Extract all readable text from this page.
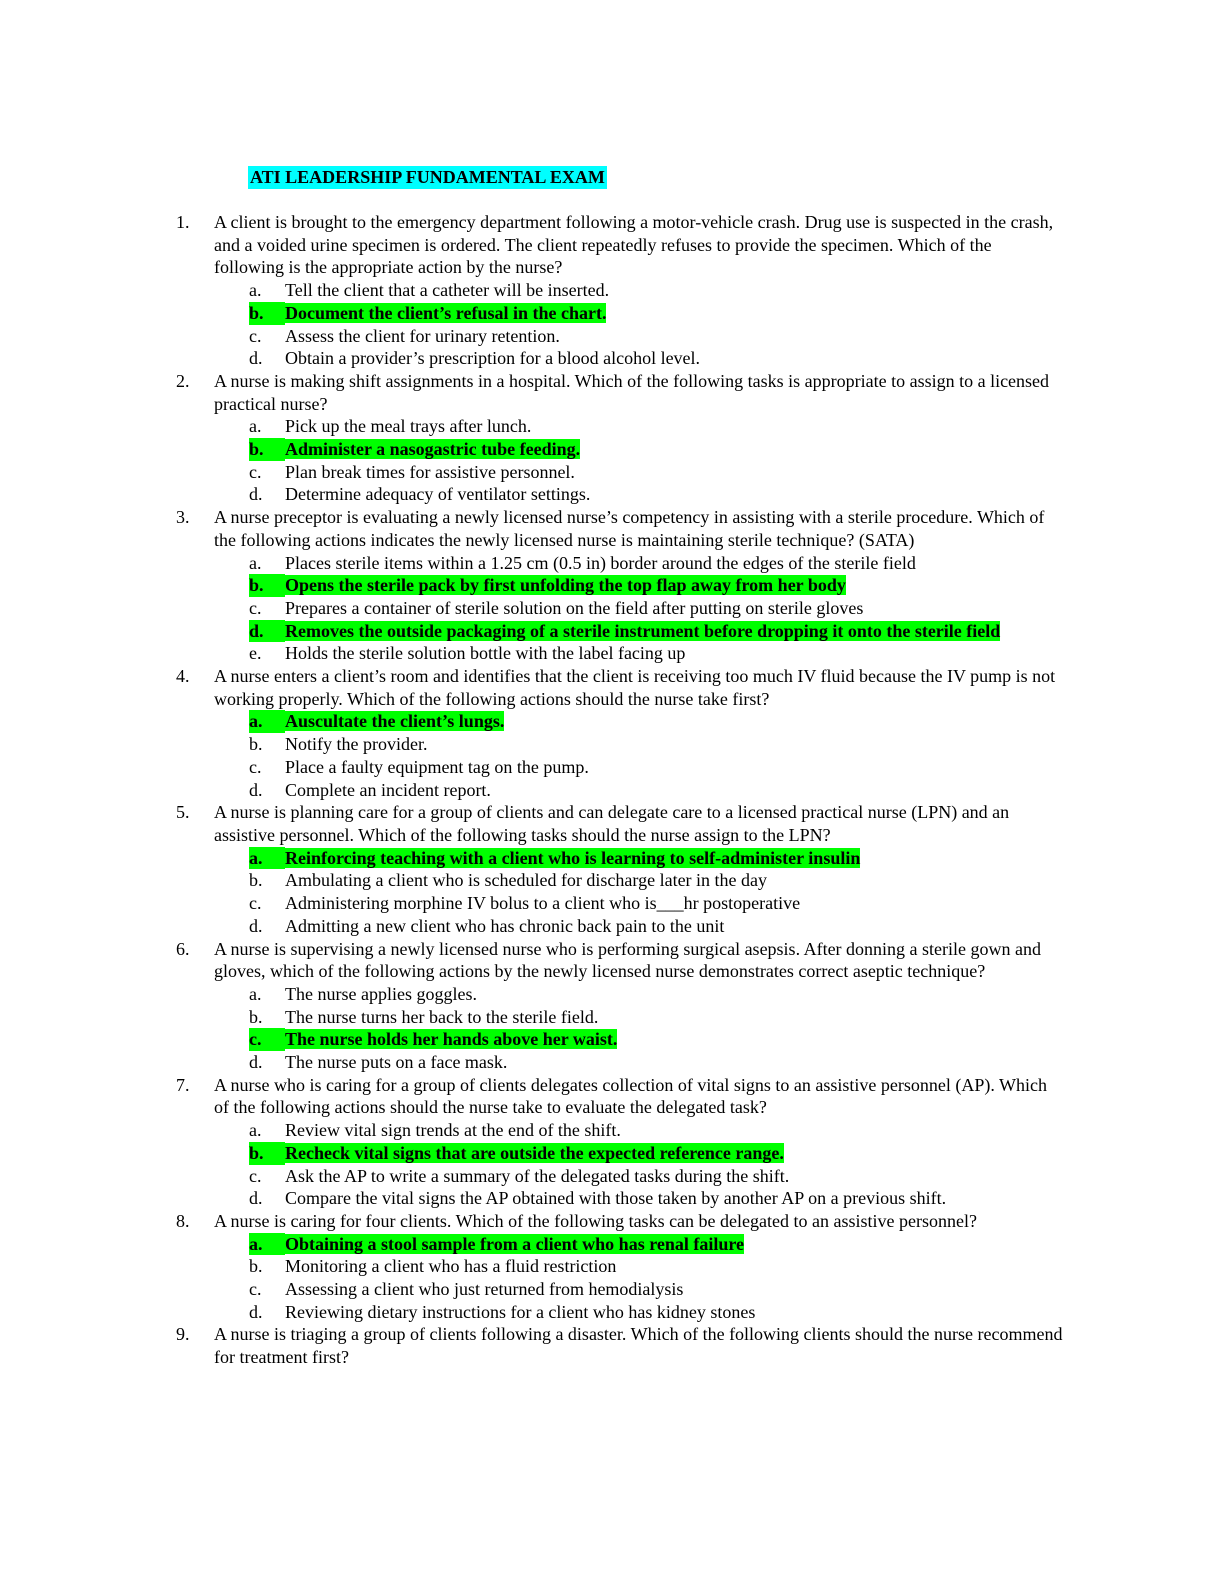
ATI LEADERSHIP FUNDAMENTAL EXAM
1.	A client is brought to the emergency department following a motor-vehicle crash. Drug use is suspected in the crash, and a voided urine specimen is ordered. The client repeatedly refuses to provide the specimen. Which of the following is the appropriate action by the nurse?
a.	Tell the client that a catheter will be inserted.
b.	Document the client’s refusal in the chart.
c.	Assess the client for urinary retention.
d.	Obtain a provider’s prescription for a blood alcohol level.
2.	A nurse is making shift assignments in a hospital. Which of the following tasks is appropriate to assign to a licensed practical nurse?
a.	Pick up the meal trays after lunch.
b.	Administer a nasogastric tube feeding.
c.	Plan break times for assistive personnel.
d.	Determine adequacy of ventilator settings.
3.	A nurse preceptor is evaluating a newly licensed nurse’s competency in assisting with a sterile procedure. Which of the following actions indicates the newly licensed nurse is maintaining sterile technique? (SATA)
a.	Places sterile items within a 1.25 cm (0.5 in) border around the edges of the sterile field
b.	Opens the sterile pack by first unfolding the top flap away from her body
c.	Prepares a container of sterile solution on the field after putting on sterile gloves
d.	Removes the outside packaging of a sterile instrument before dropping it onto the sterile field
e.	Holds the sterile solution bottle with the label facing up
4.	A nurse enters a client’s room and identifies that the client is receiving too much IV fluid because the IV pump is not working properly. Which of the following actions should the nurse take first?
a.	Auscultate the client’s lungs.
b.	Notify the provider.
c.	Place a faulty equipment tag on the pump.
d.	Complete an incident report.
5.	A nurse is planning care for a group of clients and can delegate care to a licensed practical nurse (LPN) and an assistive personnel. Which of the following tasks should the nurse assign to the LPN?
a.	Reinforcing teaching with a client who is learning to self-administer insulin
b.	Ambulating a client who is scheduled for discharge later in the day
c.	Administering morphine IV bolus to a client who is___hr postoperative
d.	Admitting a new client who has chronic back pain to the unit
6.	A nurse is supervising a newly licensed nurse who is performing surgical asepsis. After donning a sterile gown and gloves, which of the following actions by the newly licensed nurse demonstrates correct aseptic technique?
a.	The nurse applies goggles.
b.	The nurse turns her back to the sterile field.
c.	The nurse holds her hands above her waist.
d.	The nurse puts on a face mask.
7.	A nurse who is caring for a group of clients delegates collection of vital signs to an assistive personnel (AP). Which of the following actions should the nurse take to evaluate the delegated task?
a.	Review vital sign trends at the end of the shift.
b.	Recheck vital signs that are outside the expected reference range.
c.	Ask the AP to write a summary of the delegated tasks during the shift.
d.	Compare the vital signs the AP obtained with those taken by another AP on a previous shift.
8.	A nurse is caring for four clients. Which of the following tasks can be delegated to an assistive personnel?
a.	Obtaining a stool sample from a client who has renal failure
b.	Monitoring a client who has a fluid restriction
c.	Assessing a client who just returned from hemodialysis
d.	Reviewing dietary instructions for a client who has kidney stones
9.	A nurse is triaging a group of clients following a disaster. Which of the following clients should the nurse recommend for treatment first?
